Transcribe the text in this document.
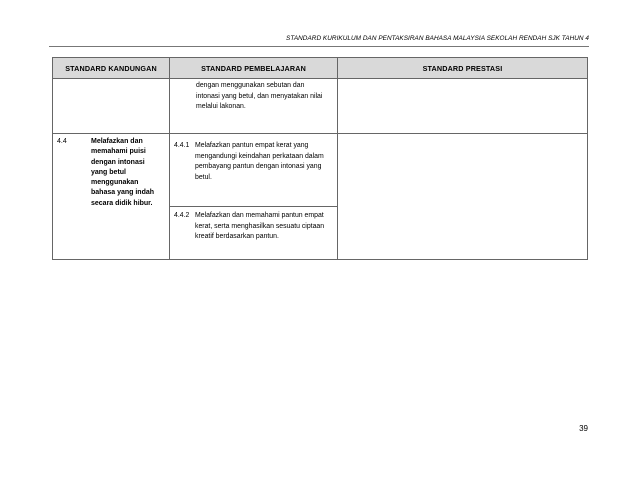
STANDARD KURIKULUM DAN PENTAKSIRAN BAHASA MALAYSIA SEKOLAH RENDAH SJK TAHUN 4
STANDARD KANDUNGAN	STANDARD PEMBELAJARAN	STANDARD PRESTASI

	dengan menggunakan sebutan dan intonasi yang betul, dan menyatakan nilai melalui lakonan.	

4.4 Melafazkan dan memahami puisi dengan intonasi yang betul menggunakan bahasa yang indah secara didik hibur.	4.4.1 Melafazkan pantun empat kerat yang mengandungi keindahan perkataan dalam pembayang pantun dengan intonasi yang betul.	

	4.4.2 Melafazkan dan memahami pantun empat kerat, serta menghasilkan sesuatu ciptaan kreatif berdasarkan pantun.	
39
